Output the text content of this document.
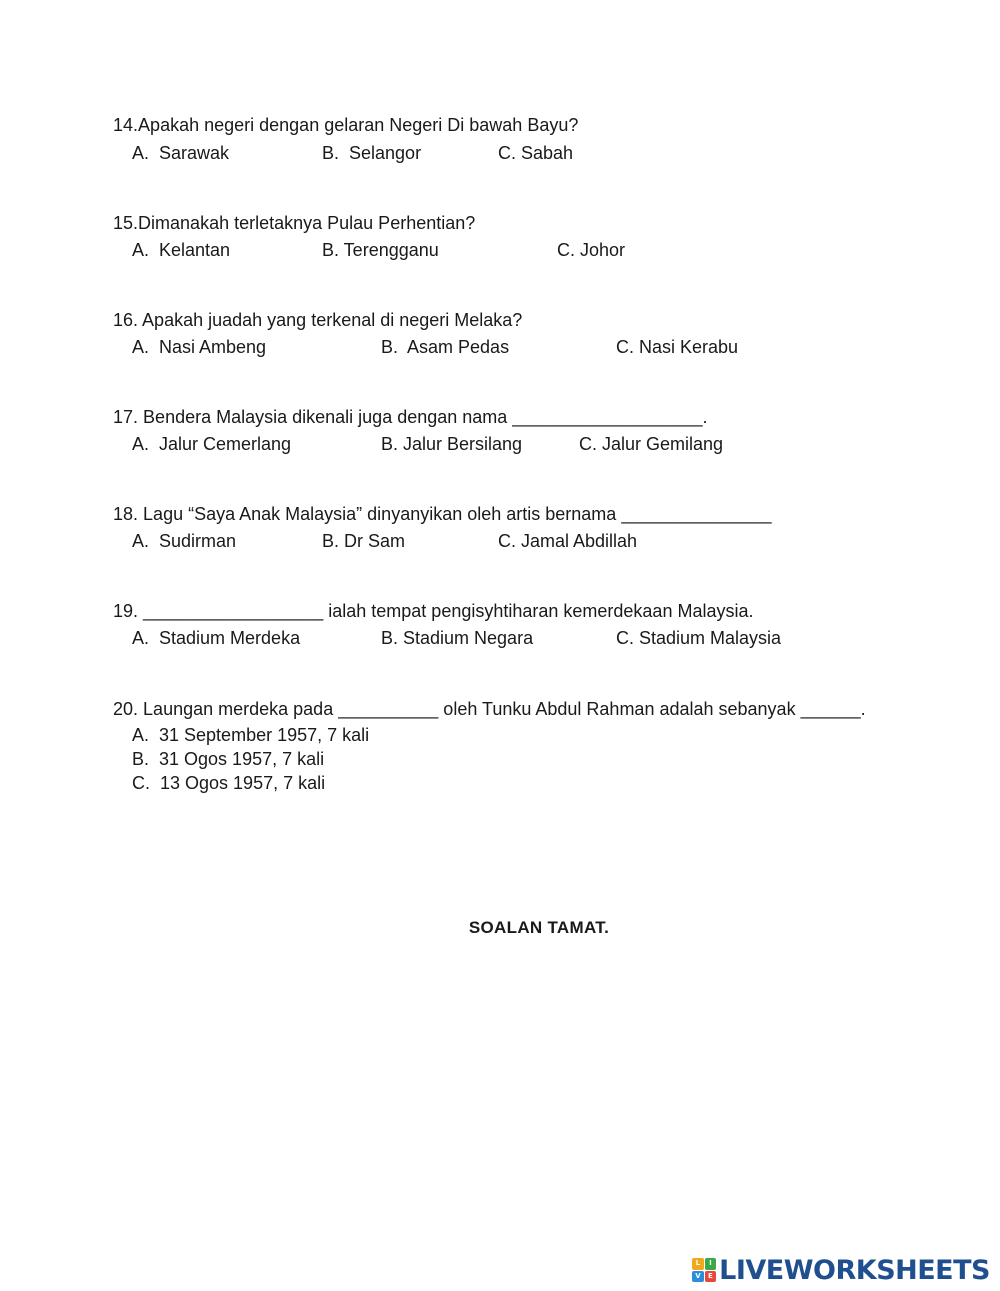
14.Apakah negeri dengan gelaran Negeri Di bawah Bayu?

A.  Sarawak	B.  Selangor	C. Sabah

15.Dimanakah terletaknya Pulau Perhentian?

A.  Kelantan	B. Terengganu	C. Johor

16. Apakah juadah yang terkenal di negeri Melaka?

A.  Nasi Ambeng	B.  Asam Pedas	C. Nasi Kerabu

17. Bendera Malaysia dikenali juga dengan nama ___________________.

A.  Jalur Cemerlang	B. Jalur Bersilang	C. Jalur Gemilang

18. Lagu “Saya Anak Malaysia” dinyanyikan oleh artis bernama _______________

A.  Sudirman	B. Dr Sam	C. Jamal Abdillah

19. __________________ ialah tempat pengisyhtiharan kemerdekaan Malaysia.

A.  Stadium Merdeka	B. Stadium Negara	C. Stadium Malaysia

20. Laungan merdeka pada __________ oleh Tunku Abdul Rahman adalah sebanyak ______.

A.  31 September 1957, 7 kali
B.  31 Ogos 1957, 7 kali
C.  13 Ogos 1957, 7 kali
SOALAN TAMAT.
L	I
V	E LIVEWORKSHEETS
